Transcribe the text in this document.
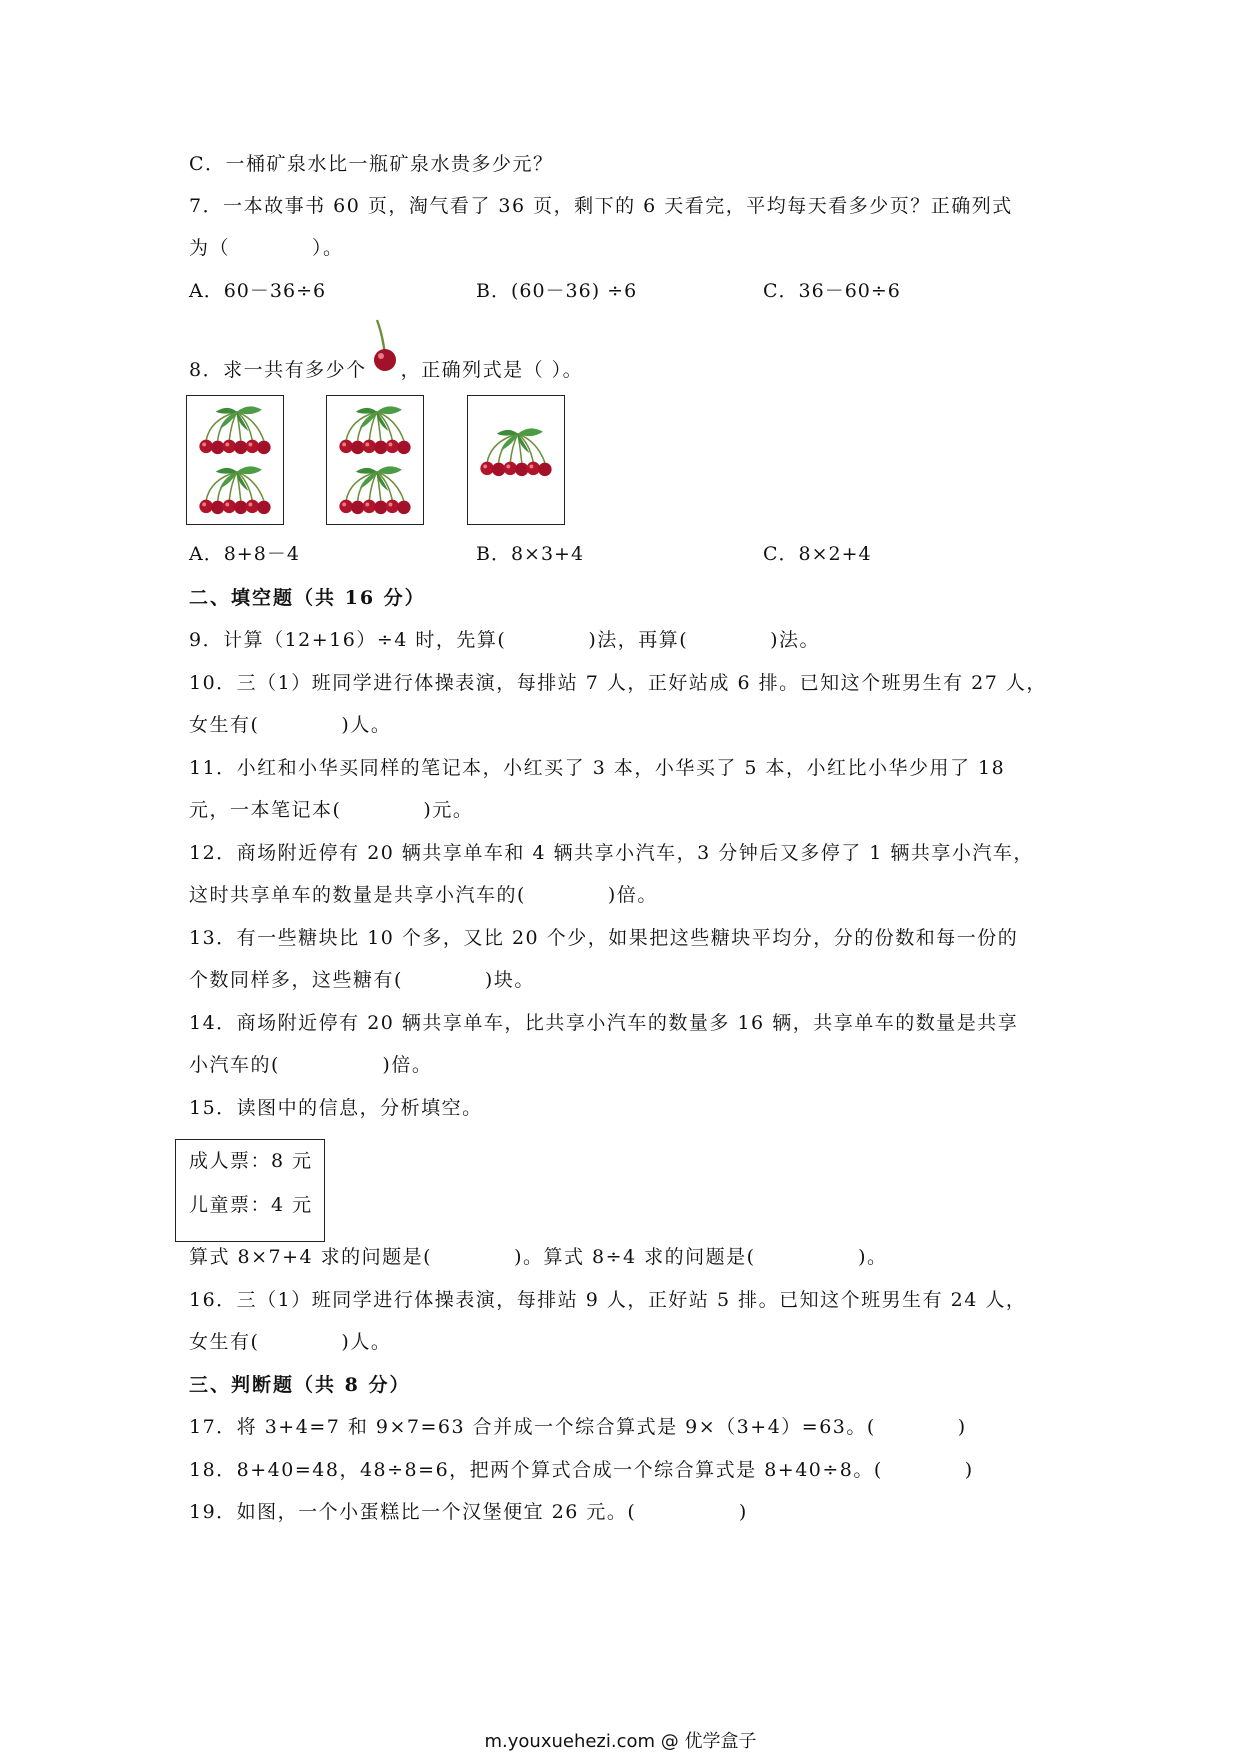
C．一桶矿泉水比一瓶矿泉水贵多少元？
7．一本故事书 60 页，淘气看了 36 页，剩下的 6 天看完，平均每天看多少页？正确列式
为（　　　　）。
A．60－36÷6	B．(60－36) ÷6	C．36－60÷6
8．求一共有多少个 ，正确列式是（ ）。
A．8+8－4	B．8×3+4	C．8×2+4
二、填空题（共 16 分）
9．计算（12+16）÷4 时，先算(　　　　)法，再算(　　　　)法。
10．三（1）班同学进行体操表演，每排站 7 人，正好站成 6 排。已知这个班男生有 27 人，
女生有(　　　　)人。
11．小红和小华买同样的笔记本，小红买了 3 本，小华买了 5 本，小红比小华少用了 18
元，一本笔记本(　　　　)元。
12．商场附近停有 20 辆共享单车和 4 辆共享小汽车，3 分钟后又多停了 1 辆共享小汽车，
这时共享单车的数量是共享小汽车的(　　　　)倍。
13．有一些糖块比 10 个多，又比 20 个少，如果把这些糖块平均分，分的份数和每一份的
个数同样多，这些糖有(　　　　)块。
14．商场附近停有 20 辆共享单车，比共享小汽车的数量多 16 辆，共享单车的数量是共享
小汽车的(　　　　　)倍。
15．读图中的信息，分析填空。
成人票：8 元
儿童票：4 元
算式 8×7+4 求的问题是(　　　　)。算式 8÷4 求的问题是(　　　　　)。
16．三（1）班同学进行体操表演，每排站 9 人，正好站 5 排。已知这个班男生有 24 人，
女生有(　　　　)人。
三、判断题（共 8 分）
17．将 3+4=7 和 9×7=63 合并成一个综合算式是 9×（3+4）=63。(　　　　)
18．8+40=48，48÷8=6，把两个算式合成一个综合算式是 8+40÷8。(　　　　)
19．如图，一个小蛋糕比一个汉堡便宜 26 元。(　　　　　)
m.youxuehezi.com @ 优学盒子
